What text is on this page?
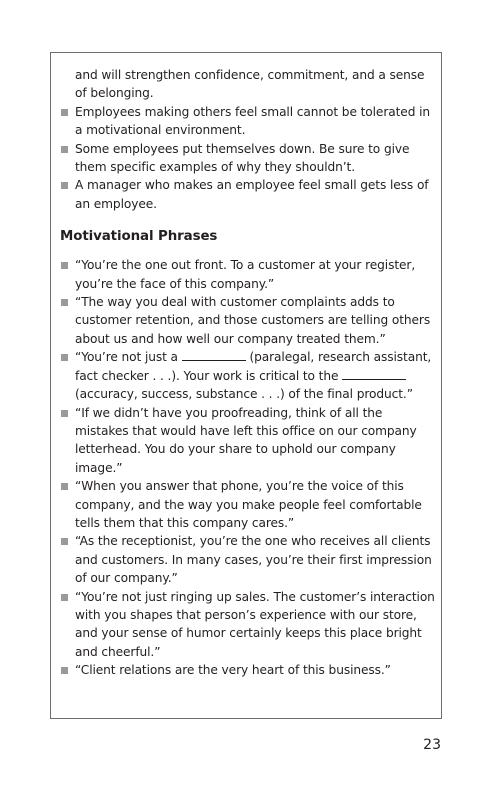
and will strengthen confidence, commitment, and a sense of belonging.
Employees making others feel small cannot be tolerated in a motivational environment.
Some employees put themselves down. Be sure to give them specific examples of why they shouldn’t.
A manager who makes an employee feel small gets less of an employee.
Motivational Phrases
“You’re the one out front. To a customer at your register, you’re the face of this company.”
“The way you deal with customer complaints adds to customer retention, and those customers are telling others about us and how well our company treated them.”
“You’re not just a	(paralegal, research assistant, fact checker . . .). Your work is critical to the  (accuracy, success, substance . . .) of the final product.”
“If we didn’t have you proofreading, think of all the mistakes that would have left this office on our company letterhead. You do your share to uphold our company image.”
“When you answer that phone, you’re the voice of this company, and the way you make people feel comfortable tells them that this company cares.”
“As the receptionist, you’re the one who receives all clients and customers. In many cases, you’re their first impression of our company.”
“You’re not just ringing up sales. The customer’s interaction with you shapes that person’s experience with our store, and your sense of humor certainly keeps this place bright and cheerful.”
“Client relations are the very heart of this business.”
23
